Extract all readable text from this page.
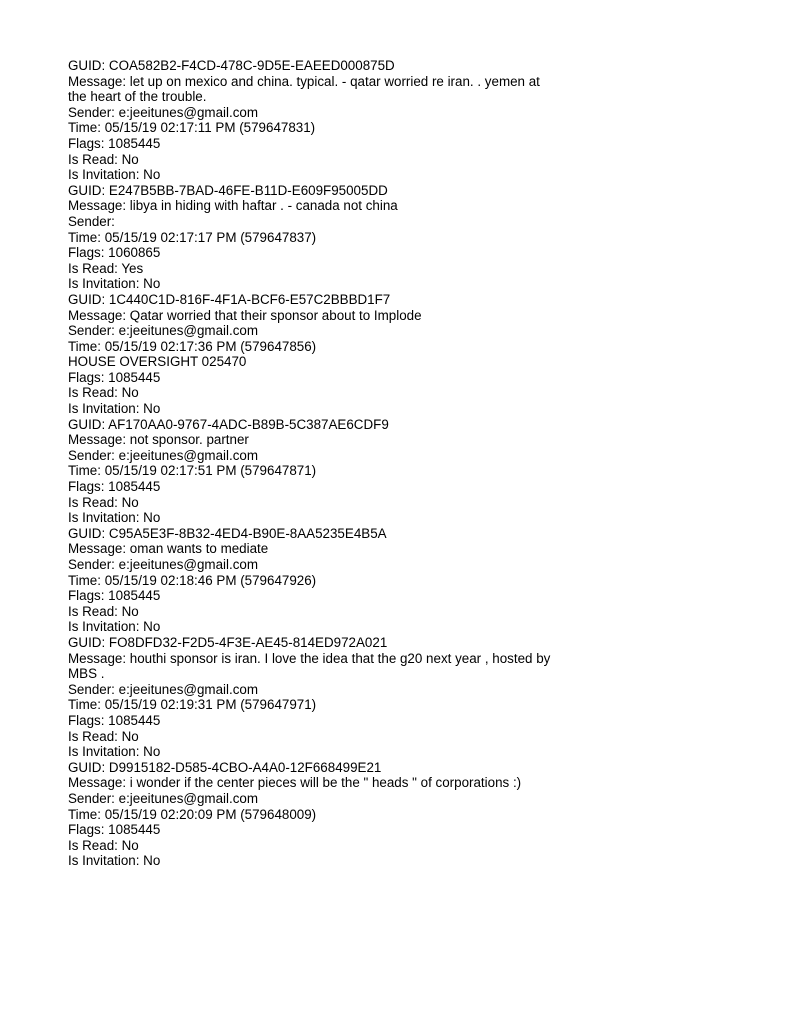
GUID: COA582B2-F4CD-478C-9D5E-EAEED000875D
Message: let up on mexico and china. typical. - qatar worried re iran. . yemen at
the heart of the trouble.
Sender: e:jeeitunes@gmail.com
Time: 05/15/19 02:17:11 PM (579647831)
Flags: 1085445
Is Read: No
Is Invitation: No
GUID: E247B5BB-7BAD-46FE-B11D-E609F95005DD
Message: libya in hiding with haftar . - canada not china
Sender:
Time: 05/15/19 02:17:17 PM (579647837)
Flags: 1060865
Is Read: Yes
Is Invitation: No
GUID: 1C440C1D-816F-4F1A-BCF6-E57C2BBBD1F7
Message: Qatar worried that their sponsor about to Implode
Sender: e:jeeitunes@gmail.com
Time: 05/15/19 02:17:36 PM (579647856)
HOUSE OVERSIGHT 025470
Flags: 1085445
Is Read: No
Is Invitation: No
GUID: AF170AA0-9767-4ADC-B89B-5C387AE6CDF9
Message: not sponsor. partner
Sender: e:jeeitunes@gmail.com
Time: 05/15/19 02:17:51 PM (579647871)
Flags: 1085445
Is Read: No
Is Invitation: No
GUID: C95A5E3F-8B32-4ED4-B90E-8AA5235E4B5A
Message: oman wants to mediate
Sender: e:jeeitunes@gmail.com
Time: 05/15/19 02:18:46 PM (579647926)
Flags: 1085445
Is Read: No
Is Invitation: No
GUID: FO8DFD32-F2D5-4F3E-AE45-814ED972A021
Message: houthi sponsor is iran. I love the idea that the g20 next year , hosted by
MBS .
Sender: e:jeeitunes@gmail.com
Time: 05/15/19 02:19:31 PM (579647971)
Flags: 1085445
Is Read: No
Is Invitation: No
GUID: D9915182-D585-4CBO-A4A0-12F668499E21
Message: i wonder if the center pieces will be the " heads " of corporations :)
Sender: e:jeeitunes@gmail.com
Time: 05/15/19 02:20:09 PM (579648009)
Flags: 1085445
Is Read: No
Is Invitation: No
